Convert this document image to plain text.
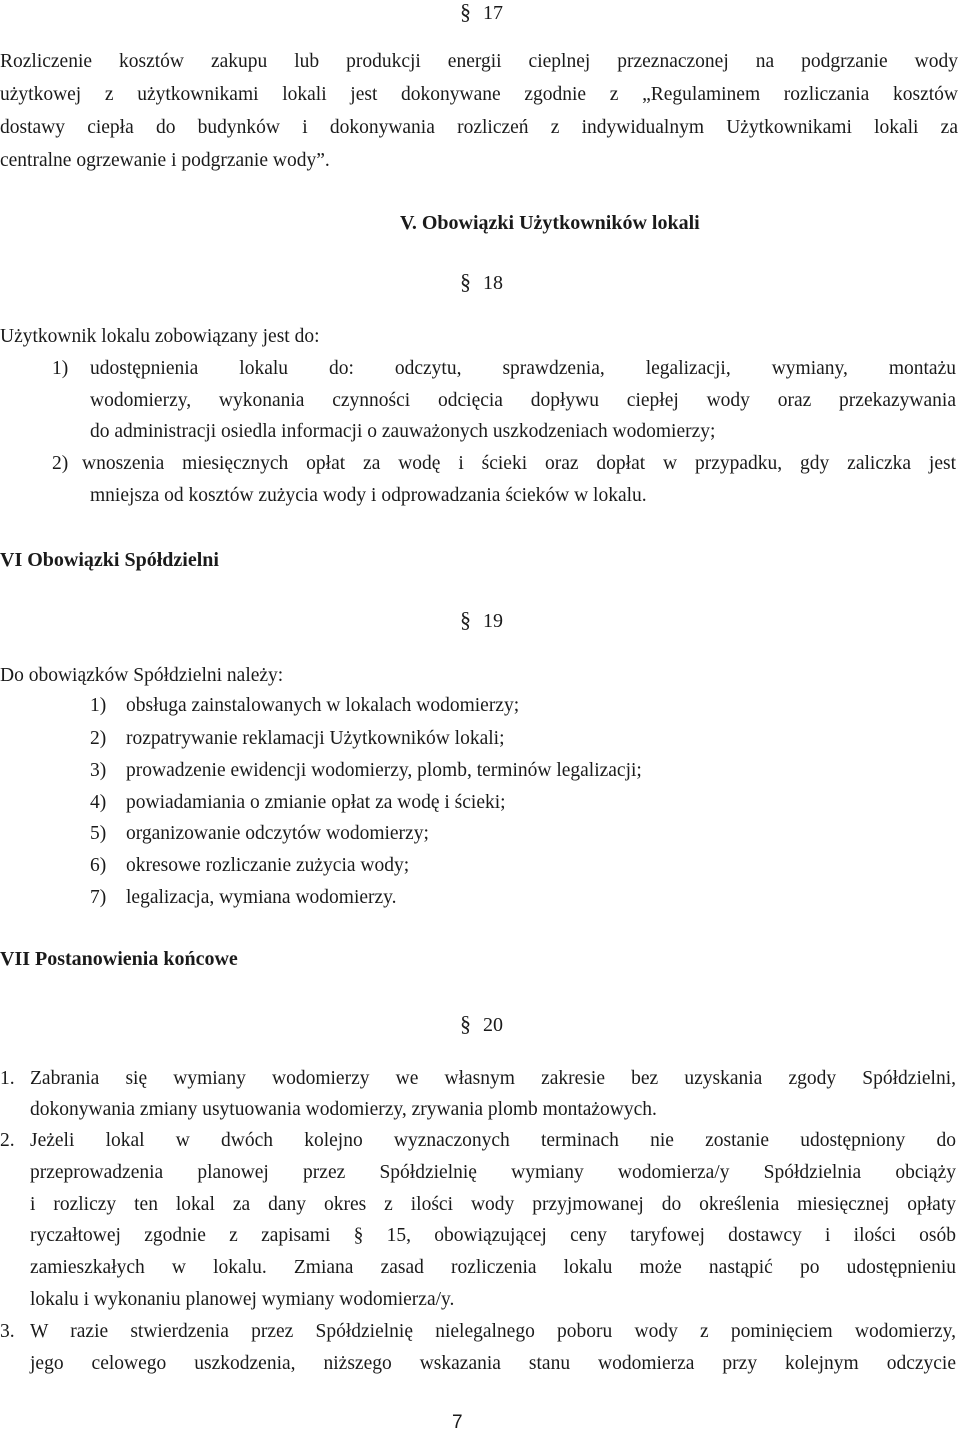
§ 17
Rozliczenie kosztów zakupu lub produkcji energii cieplnej przeznaczonej na podgrzanie wody
użytkowej z użytkownikami lokali jest dokonywane zgodnie z „Regulaminem rozliczania kosztów
dostawy ciepła do budynków i dokonywania rozliczeń z indywidualnym Użytkownikami lokali za
centralne ogrzewanie i podgrzanie wody”.
V. Obowiązki Użytkowników lokali
§ 18
Użytkownik lokalu zobowiązany jest do:
1) udostępnienia lokalu do: odczytu, sprawdzenia, legalizacji, wymiany, montażu
wodomierzy, wykonania czynności odcięcia dopływu ciepłej wody oraz przekazywania
do administracji osiedla informacji o zauważonych uszkodzeniach wodomierzy;
2) wnoszenia miesięcznych opłat za wodę i ścieki oraz dopłat w przypadku, gdy zaliczka jest
mniejsza od kosztów zużycia wody i odprowadzania ścieków w lokalu.
VI Obowiązki Spółdzielni
§ 19
Do obowiązków Spółdzielni należy:
1) obsługa zainstalowanych w lokalach wodomierzy;
2) rozpatrywanie reklamacji Użytkowników lokali;
3) prowadzenie ewidencji wodomierzy, plomb, terminów legalizacji;
4) powiadamiania o zmianie opłat za wodę i ścieki;
5) organizowanie odczytów wodomierzy;
6) okresowe rozliczanie zużycia wody;
7) legalizacja, wymiana wodomierzy.
VII Postanowienia końcowe
§ 20
1. Zabrania się wymiany wodomierzy we własnym zakresie bez uzyskania zgody Spółdzielni,
dokonywania zmiany usytuowania wodomierzy, zrywania plomb montażowych.
2. Jeżeli lokal w dwóch kolejno wyznaczonych terminach nie zostanie udostępniony do
przeprowadzenia planowej przez Spółdzielnię wymiany wodomierza/y Spółdzielnia obciąży
i rozliczy ten lokal za dany okres z ilości wody przyjmowanej do określenia miesięcznej opłaty
ryczałtowej zgodnie z zapisami § 15, obowiązującej ceny taryfowej dostawcy i ilości osób
zamieszkałych w lokalu. Zmiana zasad rozliczenia lokalu może nastąpić po udostępnieniu
lokalu i wykonaniu planowej wymiany wodomierza/y.
3. W razie stwierdzenia przez Spółdzielnię nielegalnego poboru wody z pominięciem wodomierzy,
jego celowego uszkodzenia, niższego wskazania stanu wodomierza przy kolejnym odczycie
7
